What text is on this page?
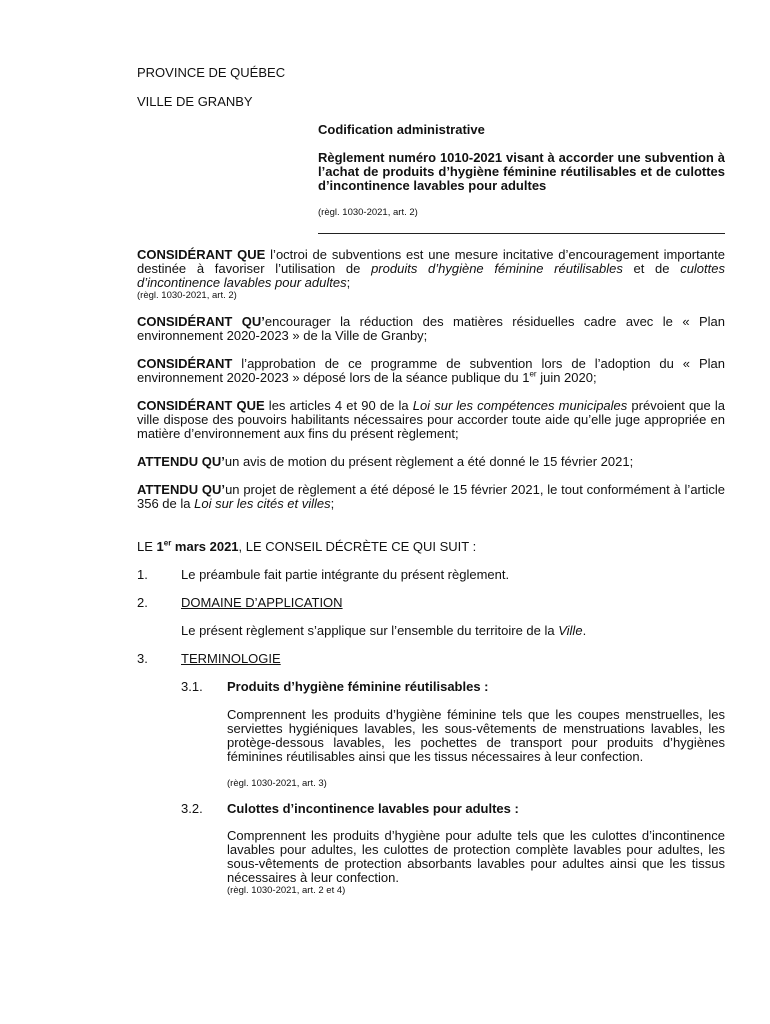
PROVINCE DE QUÉBEC
VILLE DE GRANBY
Codification administrative
Règlement numéro 1010-2021 visant à accorder une subvention à l’achat de produits d’hygiène féminine réutilisables et de culottes d’incontinence lavables pour adultes
(règl. 1030-2021, art. 2)
CONSIDÉRANT QUE l’octroi de subventions est une mesure incitative d’encouragement importante destinée à favoriser l’utilisation de produits d’hygiène féminine réutilisables et de culottes d’incontinence lavables pour adultes;
(règl. 1030-2021, art. 2)
CONSIDÉRANT QU’encourager la réduction des matières résiduelles cadre avec le « Plan environnement 2020-2023 » de la Ville de Granby;
CONSIDÉRANT l’approbation de ce programme de subvention lors de l’adoption du « Plan environnement 2020-2023 » déposé lors de la séance publique du 1er juin 2020;
CONSIDÉRANT QUE les articles 4 et 90 de la Loi sur les compétences municipales prévoient que la ville dispose des pouvoirs habilitants nécessaires pour accorder toute aide qu’elle juge appropriée en matière d’environnement aux fins du présent règlement;
ATTENDU QU’un avis de motion du présent règlement a été donné le 15 février 2021;
ATTENDU QU’un projet de règlement a été déposé le 15 février 2021, le tout conformément à l’article 356 de la Loi sur les cités et villes;
LE 1er mars 2021, LE CONSEIL DÉCRÈTE CE QUI SUIT :
1.	Le préambule fait partie intégrante du présent règlement.
2.	DOMAINE D’APPLICATION
Le présent règlement s’applique sur l’ensemble du territoire de la Ville.
3.	TERMINOLOGIE
3.1. Produits d’hygiène féminine réutilisables :
Comprennent les produits d’hygiène féminine tels que les coupes menstruelles, les serviettes hygiéniques lavables, les sous-vêtements de menstruations lavables, les protège-dessous lavables, les pochettes de transport pour produits d’hygiènes féminines réutilisables ainsi que les tissus nécessaires à leur confection.
(règl. 1030-2021, art. 3)
3.2. Culottes d’incontinence lavables pour adultes :
Comprennent les produits d’hygiène pour adulte tels que les culottes d’incontinence lavables pour adultes, les culottes de protection complète lavables pour adultes, les sous-vêtements de protection absorbants lavables pour adultes ainsi que les tissus nécessaires à leur confection.
(règl. 1030-2021, art. 2 et 4)
